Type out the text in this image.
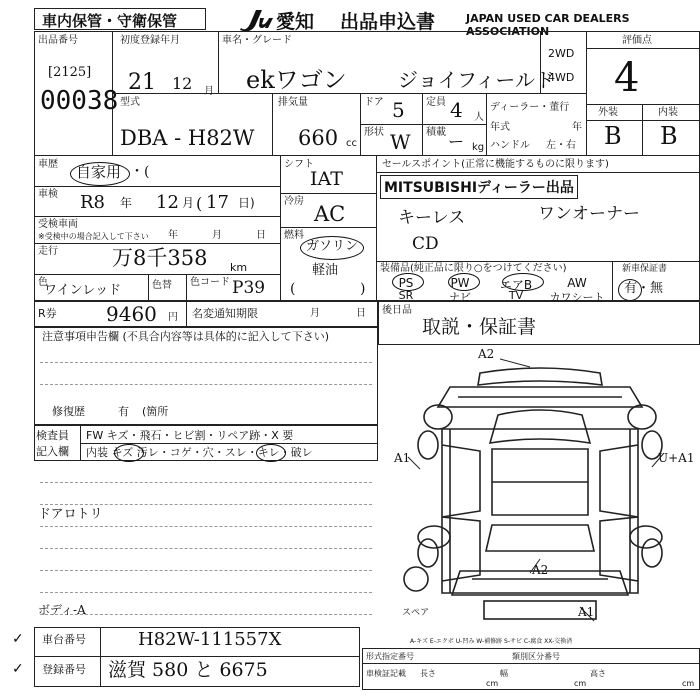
車内保管・守衛保管	愛知 出品申込書	JAPAN USED CAR DEALERS ASSOCIATION
出品番号
[2125]
00038
初度登録年月
21 12 月
車名・グレード
ekワゴン	ジョイフィールド
2WD
4WD
評価点
4
外装	内装
B B
型式
DBA - H82W
排気量
660 cc
ドア 5
形状 W
定員 4 人
積載 ー kg
ディーラー・董行
年式	年
ハンドル 左・右
車歴 自家用 ・(
車検 R8 年 12 月 ( 17 日)
受検車両
※受検中の場合記入して下さい 年	月	日
走行	万8千358 km
色
ワインレッド	色替 色コード P39
シフト
IAT
冷房
AC
燃料
ガソリン
軽油
(	)
セールスポイント(正常に機能するものに限ります)
MITSUBISHIディーラー出品
キーレス	ワンオーナー
CD
装備品(純正品に限り○をつけてください)
PS	PW	エアB	AW
SR	ナビ	TV	カワシート
新車保証書
有・無
R券 9460 円 名変通知期限	月	日 後日品
取説・保証書
注意事項申告欄 (不具合内容等は具体的に記入して下さい)
修復歴	有 (箇所
検査員
記入欄
FW キズ・飛石・ヒビ割・リペア跡・X 要
内装 キズ 汚レ・コゲ・穴・スレ・キレ・破レ
ドアロトリ
ボディ-A
A2
A1	U+A1
A2
A1
スペア
A-キズ E-エクボ U-凹み W-補修跡 S-サビ C-腐食 XX-交換済
車台番号	H82W-111557X
登録番号 滋賀 580 と 6675
✓
✓
形式指定番号	類別区分番号
車検証記載 長さ
cm
幅
cm
高さ
cm
